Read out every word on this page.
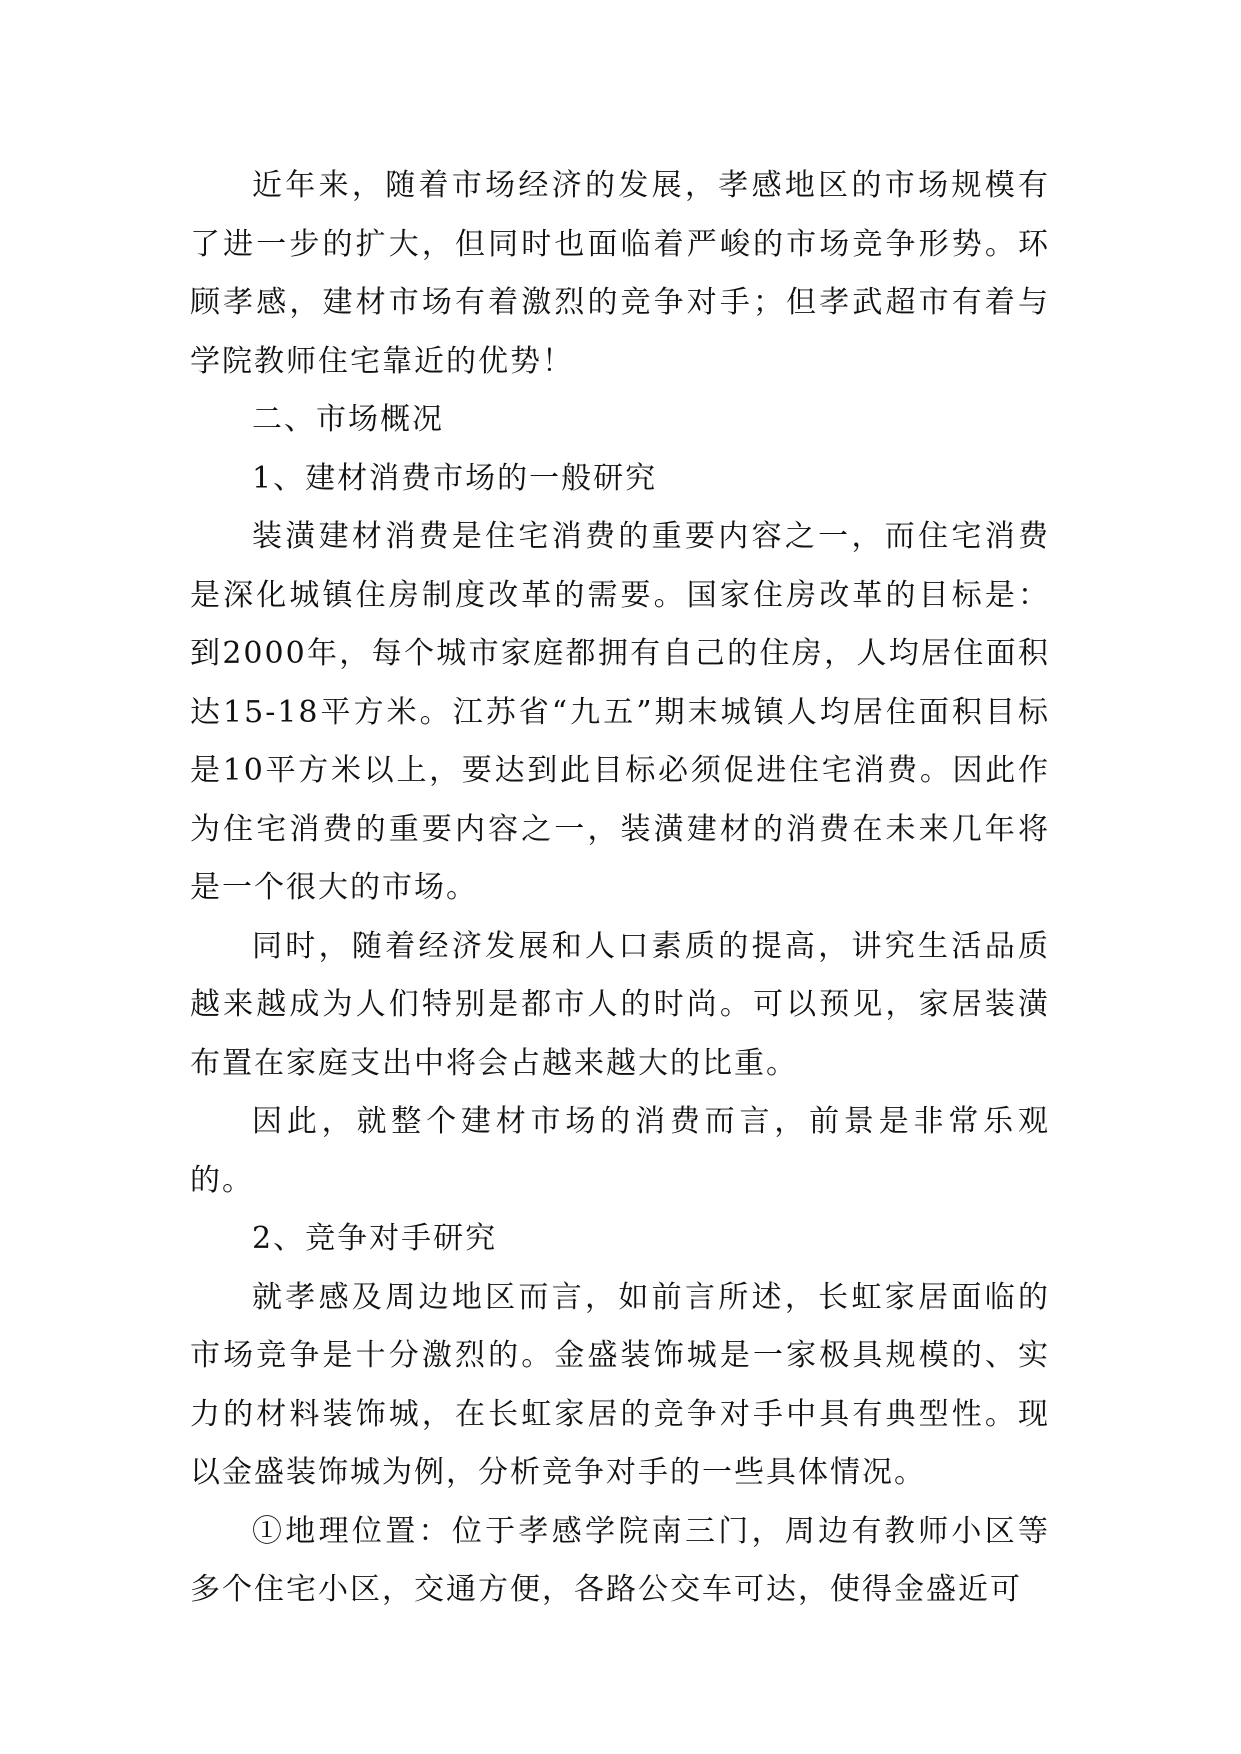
近年来，随着市场经济的发展，孝感地区的市场规模有了进一步的扩大，但同时也面临着严峻的市场竞争形势。环顾孝感，建材市场有着激烈的竞争对手；但孝武超市有着与学院教师住宅靠近的优势！

二、市场概况

1、建材消费市场的一般研究

装潢建材消费是住宅消费的重要内容之一，而住宅消费是深化城镇住房制度改革的需要。国家住房改革的目标是：到2000年，每个城市家庭都拥有自己的住房，人均居住面积达15-18平方米。江苏省“九五”期末城镇人均居住面积目标是10平方米以上，要达到此目标必须促进住宅消费。因此作为住宅消费的重要内容之一，装潢建材的消费在未来几年将是一个很大的市场。

同时，随着经济发展和人口素质的提高，讲究生活品质越来越成为人们特别是都市人的时尚。可以预见，家居装潢布置在家庭支出中将会占越来越大的比重。

因此，就整个建材市场的消费而言，前景是非常乐观的。

2、竞争对手研究

就孝感及周边地区而言，如前言所述，长虹家居面临的市场竞争是十分激烈的。金盛装饰城是一家极具规模的、实力的材料装饰城，在长虹家居的竞争对手中具有典型性。现以金盛装饰城为例，分析竞争对手的一些具体情况。

①地理位置：位于孝感学院南三门，周边有教师小区等多个住宅小区，交通方便，各路公交车可达，使得金盛近可
